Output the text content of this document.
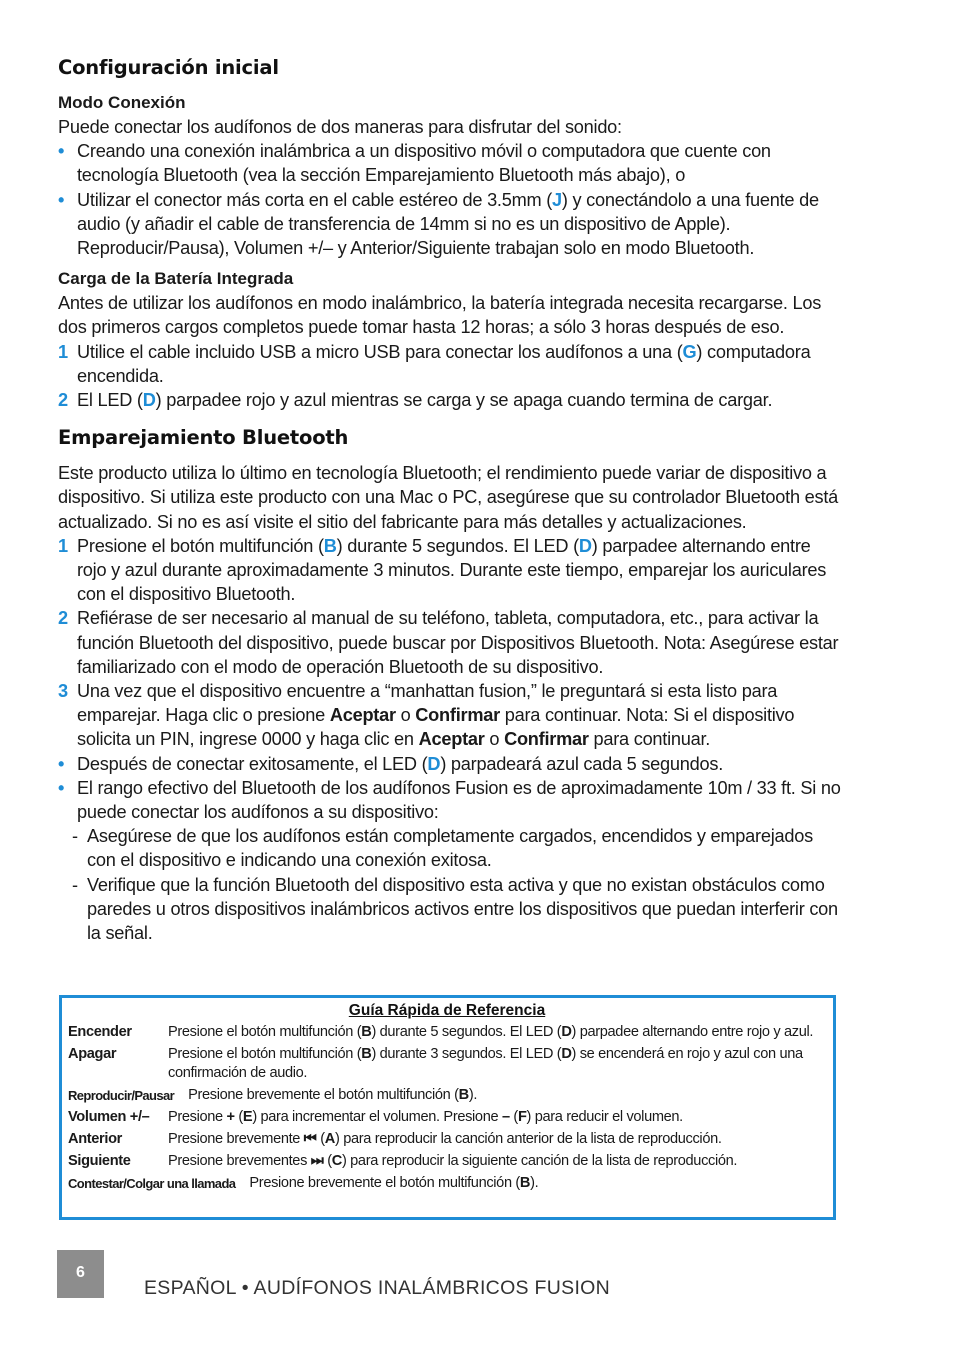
Configuración inicial
Modo Conexión

Puede conectar los audífonos de dos maneras para disfrutar del sonido:

• Creando una conexión inalámbrica a un dispositivo móvil o computadora que cuente con tecnología Bluetooth (vea la sección Emparejamiento Bluetooth más abajo), o
• Utilizar el conector más corta en el cable estéreo de 3.5mm (J) y conectándolo a una fuente de audio (y añadir el cable de transferencia de 14mm si no es un dispositivo de Apple). Reproducir/Pausa), Volumen +/– y Anterior/Siguiente trabajan solo en modo Bluetooth.
Carga de la Batería Integrada

Antes de utilizar los audífonos en modo inalámbrico, la batería integrada necesita recargarse. Los dos primeros cargos completos puede tomar hasta 12 horas; a sólo 3 horas después de eso.

1 Utilice el cable incluido USB a micro USB para conectar los audífonos a una (G) computadora encendida.
2 El LED (D) parpadee rojo y azul mientras se carga y se apaga cuando termina de cargar.
Emparejamiento Bluetooth

Este producto utiliza lo último en tecnología Bluetooth; el rendimiento puede variar de dispositivo a dispositivo. Si utiliza este producto con una Mac o PC, asegúrese que su controlador Bluetooth está actualizado. Si no es así visite el sitio del fabricante para más detalles y actualizaciones.

1 Presione el botón multifunción (B) durante 5 segundos. El LED (D) parpadee alternando entre rojo y azul durante aproximadamente 3 minutos. Durante este tiempo, emparejar los auriculares con el dispositivo Bluetooth.
2 Refiérase de ser necesario al manual de su teléfono, tableta, computadora, etc., para activar la función Bluetooth del dispositivo, puede buscar por Dispositivos Bluetooth. Nota: Asegúrese estar familiarizado con el modo de operación Bluetooth de su dispositivo.
3 Una vez que el dispositivo encuentre a “manhattan fusion,” le preguntará si esta listo para emparejar. Haga clic o presione Aceptar o Confirmar para continuar. Nota: Si el dispositivo solicita un PIN, ingrese 0000 y haga clic en Aceptar o Confirmar para continuar.
• Después de conectar exitosamente, el LED (D) parpadeará azul cada 5 segundos.
• El rango efectivo del Bluetooth de los audífonos Fusion es de aproximadamente 10m / 33 ft. Si no puede conectar los audífonos a su dispositivo:
- Asegúrese de que los audífonos están completamente cargados, encendidos y emparejados con el dispositivo e indicando una conexión exitosa.
- Verifique que la función Bluetooth del dispositivo esta activa y que no existan obstáculos como paredes u otros dispositivos inalámbricos activos entre los dispositivos que puedan interferir con la señal.
Guía Rápida de Referencia
Encender	Presione el botón multifunción (B) durante 5 segundos. El LED (D) parpadee alternando entre rojo y azul.
Apagar	Presione el botón multifunción (B) durante 3 segundos. El LED (D) se encenderá en rojo y azul con una confirmación de audio.
Reproducir/Pausar Presione brevemente el botón multifunción (B).
Volumen +/–	Presione + (E) para incrementar el volumen. Presione – (F) para reducir el volumen.
Anterior	Presione brevemente ⏮ (A) para reproducir la canción anterior de la lista de reproducción.
Siguiente	Presione brevementes ⏭ (C) para reproducir la siguiente canción de la lista de reproducción.
Contestar/Colgar una llamada Presione brevemente el botón multifunción (B).
6
ESPAÑOL • AUDÍFONOS INALÁMBRICOS FUSION
